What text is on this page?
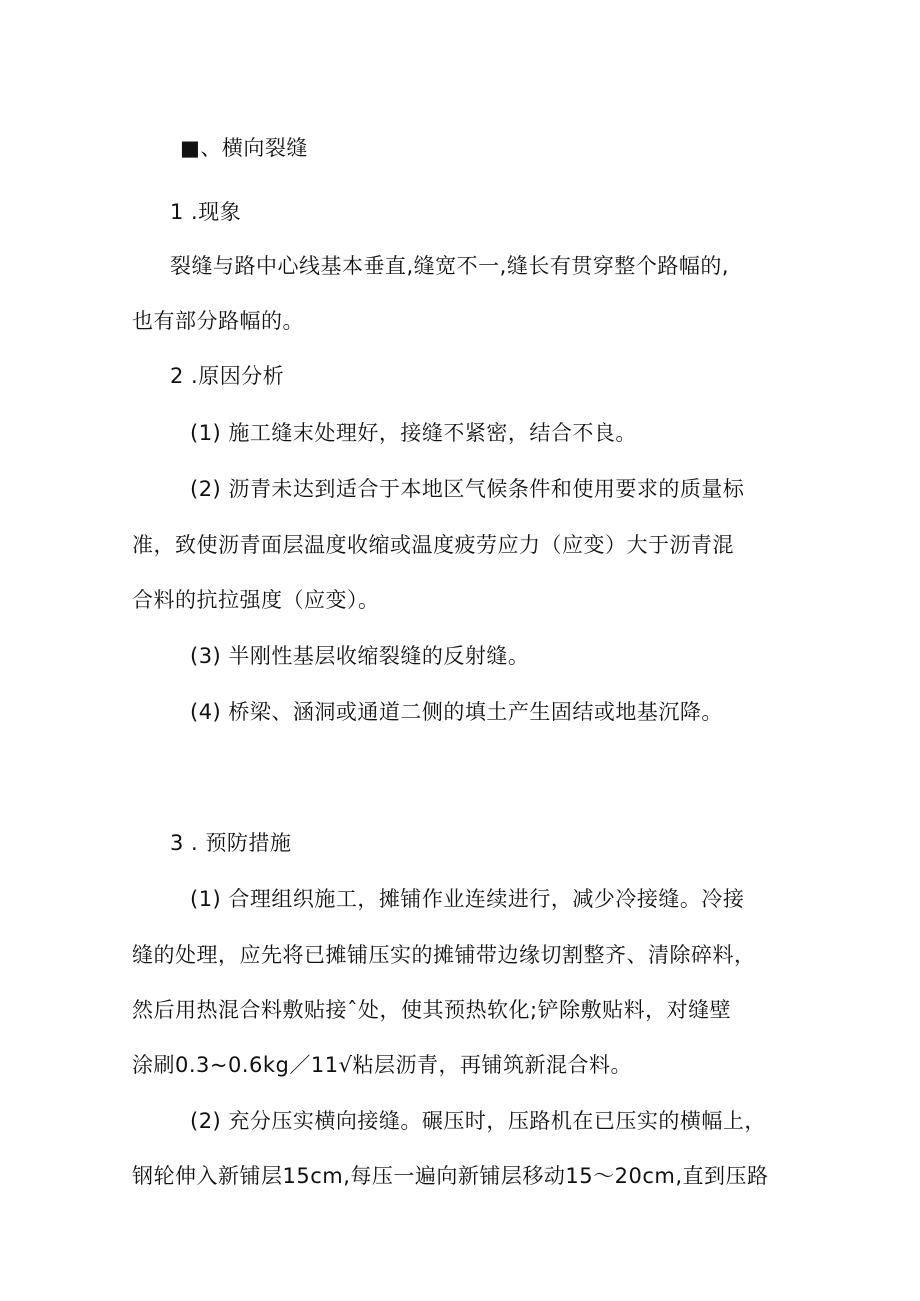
■、横向裂缝
1 .现象
裂缝与路中心线基本垂直,缝宽不一,缝长有贯穿整个路幅的,
也有部分路幅的。
2 .原因分析
(1) 施工缝末处理好，接缝不紧密，结合不良。
(2) 沥青未达到适合于本地区气候条件和使用要求的质量标
准，致使沥青面层温度收缩或温度疲劳应力（应变）大于沥青混
合料的抗拉强度（应变）。
(3) 半刚性基层收缩裂缝的反射缝。
(4) 桥梁、涵洞或通道二侧的填土产生固结或地基沉降。
3 . 预防措施
(1) 合理组织施工，摊铺作业连续进行，减少冷接缝。冷接
缝的处理，应先将已摊铺压实的摊铺带边缘切割整齐、清除碎料，
然后用热混合料敷贴接ˆ处，使其预热软化;铲除敷贴料，对缝壁
涂刷0.3~0.6kg／11√粘层沥青，再铺筑新混合料。
(2) 充分压实横向接缝。碾压时，压路机在已压实的横幅上，
钢轮伸入新铺层15cm,每压一遍向新铺层移动15〜20cm,直到压路
